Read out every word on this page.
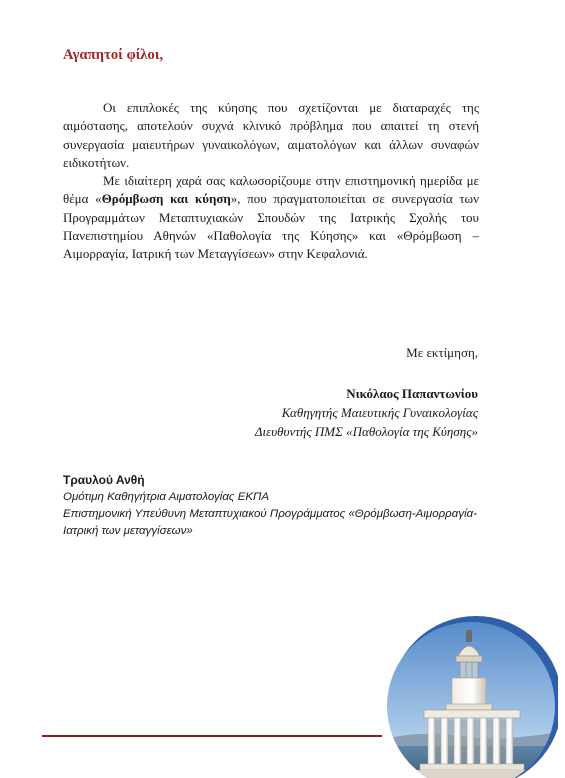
Αγαπητοί φίλοι,

Οι επιπλοκές της κύησης που σχετίζονται με διαταραχές της αιμόστασης, αποτελούν συχνά κλινικό πρόβλημα που απαιτεί τη στενή συνεργασία μαιευτήρων γυναικολόγων, αιματολόγων και άλλων συναφών ειδικοτήτων.

Με ιδιαίτερη χαρά σας καλωσορίζουμε στην επιστημονική ημερίδα με θέμα «Θρόμβωση και κύηση», που πραγματοποιείται σε συνεργασία των Προγραμμάτων Μεταπτυχιακών Σπουδών της Ιατρικής Σχολής του Πανεπιστημίου Αθηνών «Παθολογία της Κύησης» και «Θρόμβωση – Αιμορραγία, Ιατρική των Μεταγγίσεων» στην Κεφαλονιά.

Με εκτίμηση,
Νικόλαος Παπαντωνίου
Καθηγητής Μαιευτικής Γυναικολογίας
Διευθυντής ΠΜΣ «Παθολογία της Κύησης»
Τραυλού Ανθή
Ομότιμη Καθηγήτρια Αιματολογίας ΕΚΠΑ
Επιστημονική Υπεύθυνη Μεταπτυχιακού Προγράμματος «Θρόμβωση-Αιμορραγία-Ιατρική των μεταγγίσεων»
